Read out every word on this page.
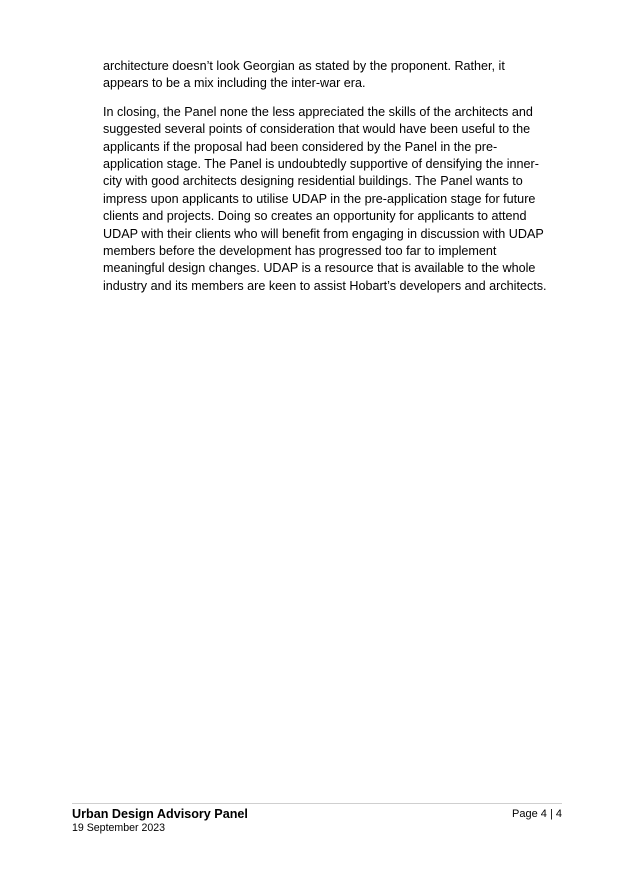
architecture doesn’t look Georgian as stated by the proponent. Rather, it appears to be a mix including the inter-war era.

In closing, the Panel none the less appreciated the skills of the architects and suggested several points of consideration that would have been useful to the applicants if the proposal had been considered by the Panel in the pre-application stage. The Panel is undoubtedly supportive of densifying the inner-city with good architects designing residential buildings. The Panel wants to impress upon applicants to utilise UDAP in the pre-application stage for future clients and projects. Doing so creates an opportunity for applicants to attend UDAP with their clients who will benefit from engaging in discussion with UDAP members before the development has progressed too far to implement meaningful design changes. UDAP is a resource that is available to the whole industry and its members are keen to assist Hobart’s developers and architects.

Urban Design Advisory Panel
19 September 2023
Page 4 | 4
